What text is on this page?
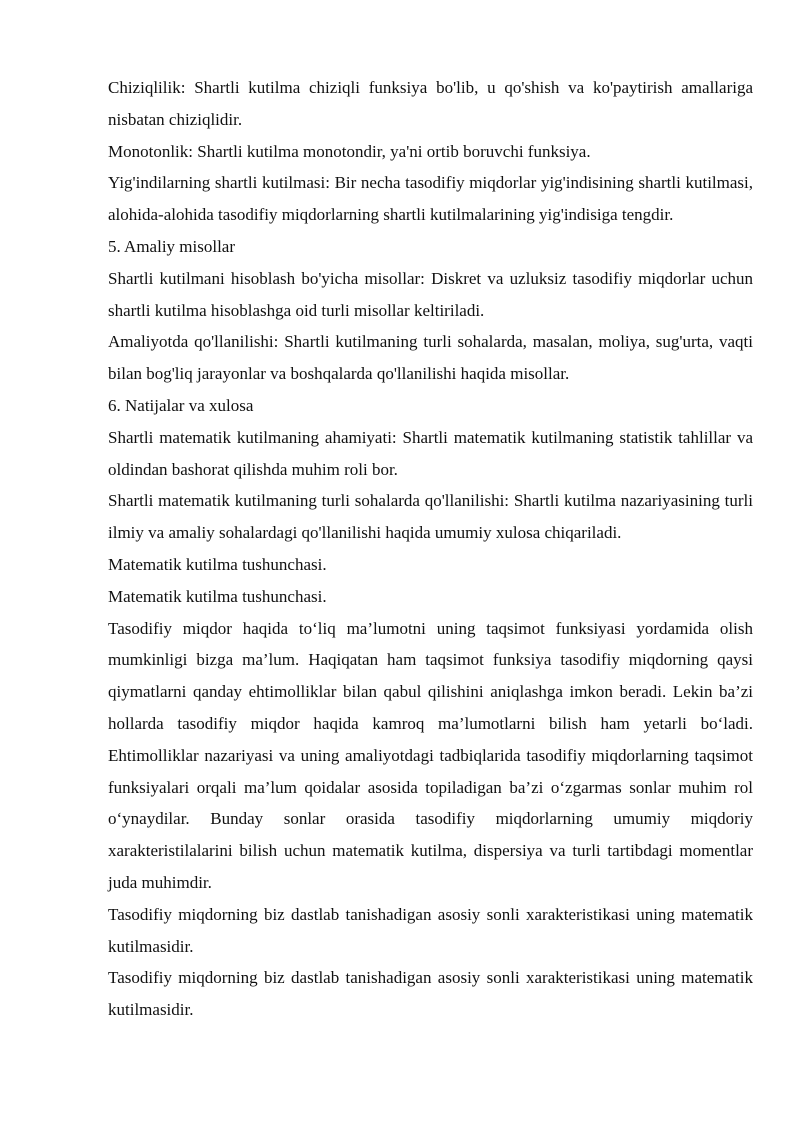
Chiziqlilik: Shartli kutilma chiziqli funksiya bo'lib, u qo'shish va ko'paytirish amallariga nisbatan chiziqlidir.

Monotonlik: Shartli kutilma monotondir, ya'ni ortib boruvchi funksiya.

Yig'indilarning shartli kutilmasi: Bir necha tasodifiy miqdorlar yig'indisining shartli kutilmasi, alohida-alohida tasodifiy miqdorlarning shartli kutilmalarining yig'indisiga tengdir.

5. Amaliy misollar

Shartli kutilmani hisoblash bo'yicha misollar: Diskret va uzluksiz tasodifiy miqdorlar uchun shartli kutilma hisoblashga oid turli misollar keltiriladi.

Amaliyotda qo'llanilishi: Shartli kutilmaning turli sohalarda, masalan, moliya, sug'urta, vaqti bilan bog'liq jarayonlar va boshqalarda qo'llanilishi haqida misollar.

6. Natijalar va xulosa

Shartli matematik kutilmaning ahamiyati: Shartli matematik kutilmaning statistik tahlillar va oldindan bashorat qilishda muhim roli bor.

Shartli matematik kutilmaning turli sohalarda qo'llanilishi: Shartli kutilma nazariyasining turli ilmiy va amaliy sohalardagi qo'llanilishi haqida umumiy xulosa chiqariladi.

Matematik kutilma tushunchasi.

Matematik kutilma tushunchasi.

Tasodifiy miqdor haqida to‘liq ma’lumotni uning taqsimot funksiyasi yordamida olish mumkinligi bizga ma’lum. Haqiqatan ham taqsimot funksiya tasodifiy miqdorning qaysi qiymatlarni qanday ehtimolliklar bilan qabul qilishini aniqlashga imkon beradi. Lekin ba’zi hollarda tasodifiy miqdor haqida kamroq ma’lumotlarni bilish ham yetarli bo‘ladi. Ehtimolliklar nazariyasi va uning amaliyotdagi tadbiqlarida tasodifiy miqdorlarning taqsimot funksiyalari orqali ma’lum qoidalar asosida topiladigan ba’zi o‘zgarmas sonlar muhim rol o‘ynaydilar. Bunday sonlar orasida tasodifiy miqdorlarning umumiy miqdoriy xarakteristilalarini bilish uchun matematik kutilma, dispersiya va turli tartibdagi momentlar juda muhimdir.

Tasodifiy miqdorning biz dastlab tanishadigan asosiy sonli xarakteristikasi uning matematik kutilmasidir.

Tasodifiy miqdorning biz dastlab tanishadigan asosiy sonli xarakteristikasi uning matematik kutilmasidir.
